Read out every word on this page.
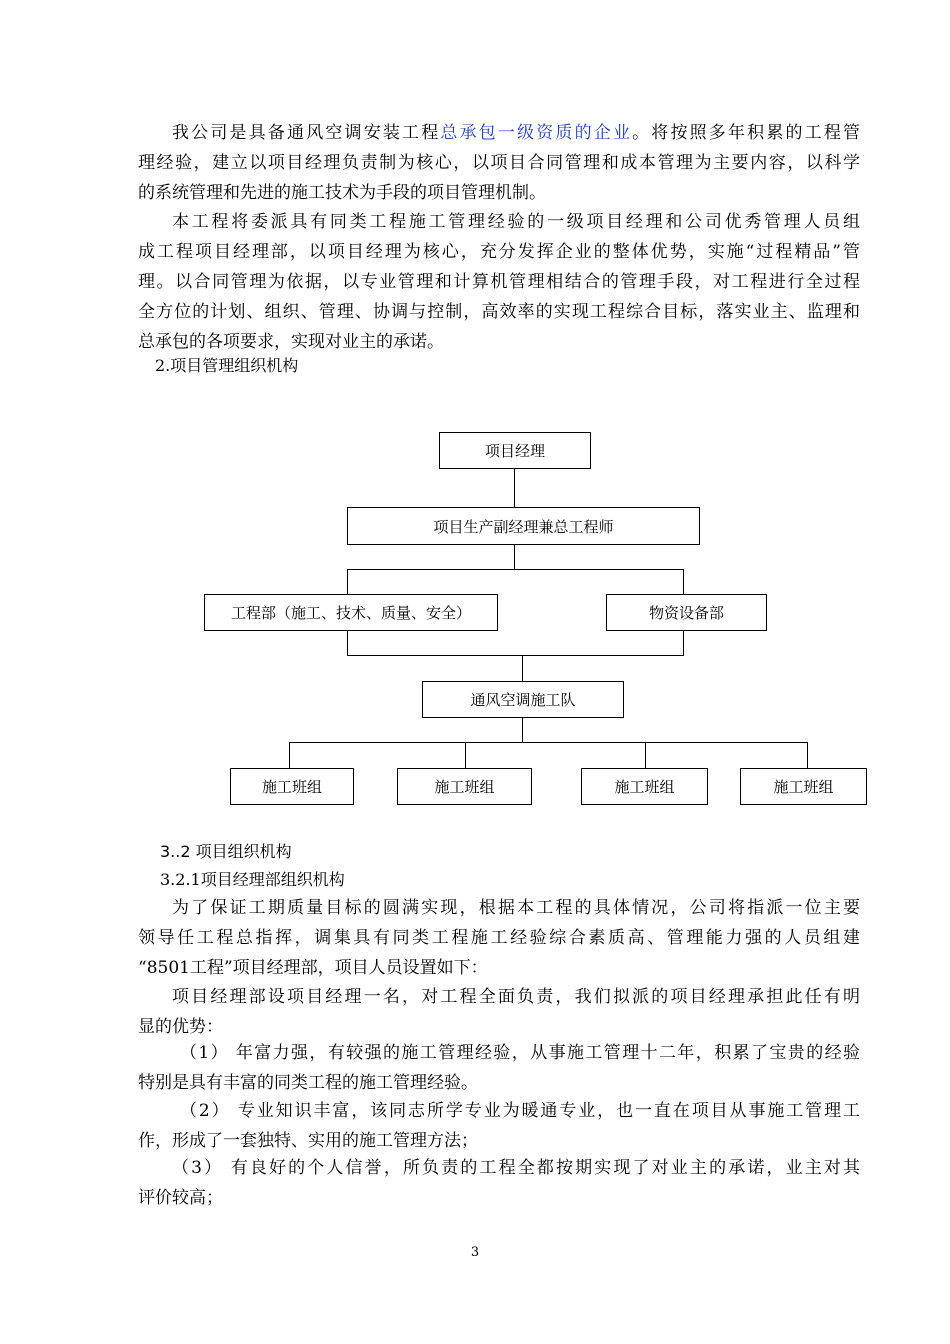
我公司是具备通风空调安装工程总承包一级资质的企业。将按照多年积累的工程管
理经验，建立以项目经理负责制为核心，以项目合同管理和成本管理为主要内容，以科学
的系统管理和先进的施工技术为手段的项目管理机制。
本工程将委派具有同类工程施工管理经验的一级项目经理和公司优秀管理人员组
成工程项目经理部，以项目经理为核心，充分发挥企业的整体优势，实施“过程精品”管
理。以合同管理为依据，以专业管理和计算机管理相结合的管理手段，对工程进行全过程
全方位的计划、组织、管理、协调与控制，高效率的实现工程综合目标，落实业主、监理和
总承包的各项要求，实现对业主的承诺。
2.项目管理组织机构
项目经理
项目生产副经理兼总工程师
工程部（施工、技术、质量、安全）	物资设备部
通风空调施工队
施工班组	施工班组	施工班组	施工班组
3..2 项目组织机构
3.2.1项目经理部组织机构
为了保证工期质量目标的圆满实现，根据本工程的具体情况，公司将指派一位主要
领导任工程总指挥，调集具有同类工程施工经验综合素质高、管理能力强的人员组建
“8501工程”项目经理部，项目人员设置如下：
项目经理部设项目经理一名，对工程全面负责，我们拟派的项目经理承担此任有明
显的优势：
（1） 年富力强，有较强的施工管理经验，从事施工管理十二年，积累了宝贵的经验
特别是具有丰富的同类工程的施工管理经验。
（2） 专业知识丰富，该同志所学专业为暖通专业，也一直在项目从事施工管理工
作，形成了一套独特、实用的施工管理方法；
（3） 有良好的个人信誉，所负责的工程全都按期实现了对业主的承诺，业主对其
评价较高；
3
